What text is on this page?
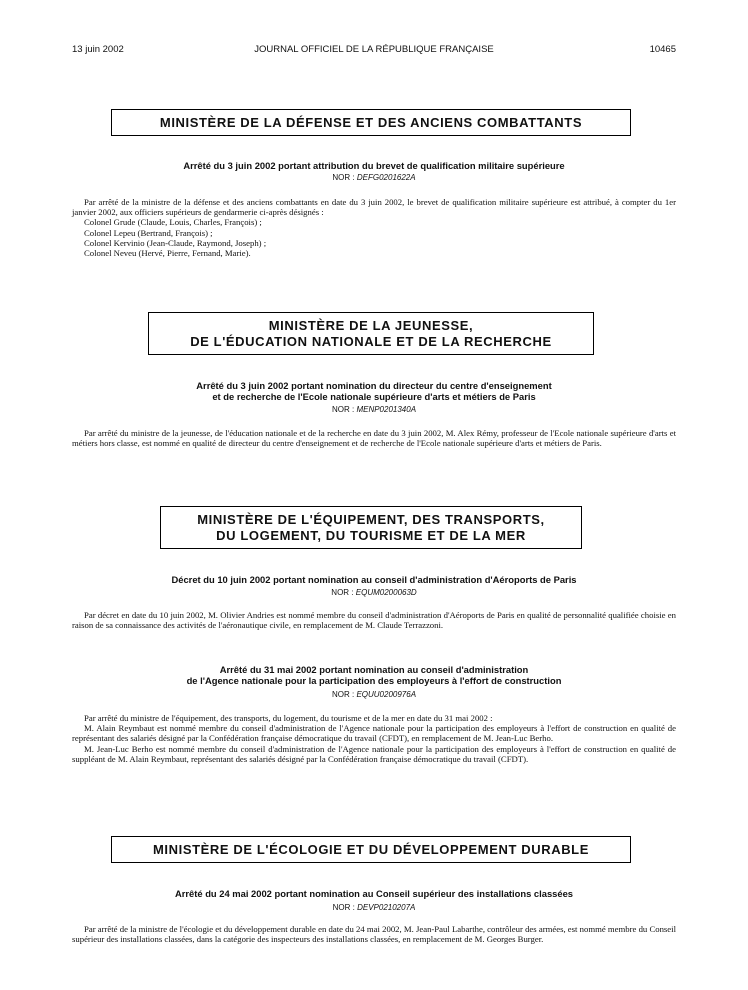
13 juin 2002	JOURNAL OFFICIEL DE LA RÉPUBLIQUE FRANÇAISE	10465
MINISTÈRE DE LA DÉFENSE ET DES ANCIENS COMBATTANTS
Arrêté du 3 juin 2002 portant attribution du brevet de qualification militaire supérieure
NOR : DEFG0201622A

Par arrêté de la ministre de la défense et des anciens combattants en date du 3 juin 2002, le brevet de qualification militaire supérieure est attribué, à compter du 1er janvier 2002, aux officiers supérieurs de gendarmerie ci-après désignés :

Colonel Grude (Claude, Louis, Charles, François) ;
Colonel Lepeu (Bertrand, François) ;
Colonel Kervinio (Jean-Claude, Raymond, Joseph) ;
Colonel Neveu (Hervé, Pierre, Fernand, Marie).
MINISTÈRE DE LA JEUNESSE,
DE L'ÉDUCATION NATIONALE ET DE LA RECHERCHE
Arrêté du 3 juin 2002 portant nomination du directeur du centre d'enseignement
et de recherche de l'Ecole nationale supérieure d'arts et métiers de Paris
NOR : MENP0201340A

Par arrêté du ministre de la jeunesse, de l'éducation nationale et de la recherche en date du 3 juin 2002, M. Alex Rémy, professeur de l'Ecole nationale supérieure d'arts et métiers hors classe, est nommé en qualité de directeur du centre d'enseignement et de recherche de l'Ecole nationale supérieure d'arts et métiers de Paris.

MINISTÈRE DE L'ÉQUIPEMENT, DES TRANSPORTS,
DU LOGEMENT, DU TOURISME ET DE LA MER
Décret du 10 juin 2002 portant nomination au conseil d'administration d'Aéroports de Paris
NOR : EQUM0200063D

Par décret en date du 10 juin 2002, M. Olivier Andries est nommé membre du conseil d'administration d'Aéroports de Paris en qualité de personnalité qualifiée choisie en raison de sa connaissance des activités de l'aéronautique civile, en remplacement de M. Claude Terrazzoni.

Arrêté du 31 mai 2002 portant nomination au conseil d'administration
de l'Agence nationale pour la participation des employeurs à l'effort de construction
NOR : EQUU0200976A

Par arrêté du ministre de l'équipement, des transports, du logement, du tourisme et de la mer en date du 31 mai 2002 :

M. Alain Reymbaut est nommé membre du conseil d'administration de l'Agence nationale pour la participation des employeurs à l'effort de construction en qualité de représentant des salariés désigné par la Confédération française démocratique du travail (CFDT), en remplacement de M. Jean-Luc Berho.

M. Jean-Luc Berho est nommé membre du conseil d'administration de l'Agence nationale pour la participation des employeurs à l'effort de construction en qualité de suppléant de M. Alain Reymbaut, représentant des salariés désigné par la Confédération française démocratique du travail (CFDT).

MINISTÈRE DE L'ÉCOLOGIE ET DU DÉVELOPPEMENT DURABLE
Arrêté du 24 mai 2002 portant nomination au Conseil supérieur des installations classées
NOR : DEVP0210207A

Par arrêté de la ministre de l'écologie et du développement durable en date du 24 mai 2002, M. Jean-Paul Labarthe, contrôleur des armées, est nommé membre du Conseil supérieur des installations classées, dans la catégorie des inspecteurs des installations classées, en remplacement de M. Georges Burger.
